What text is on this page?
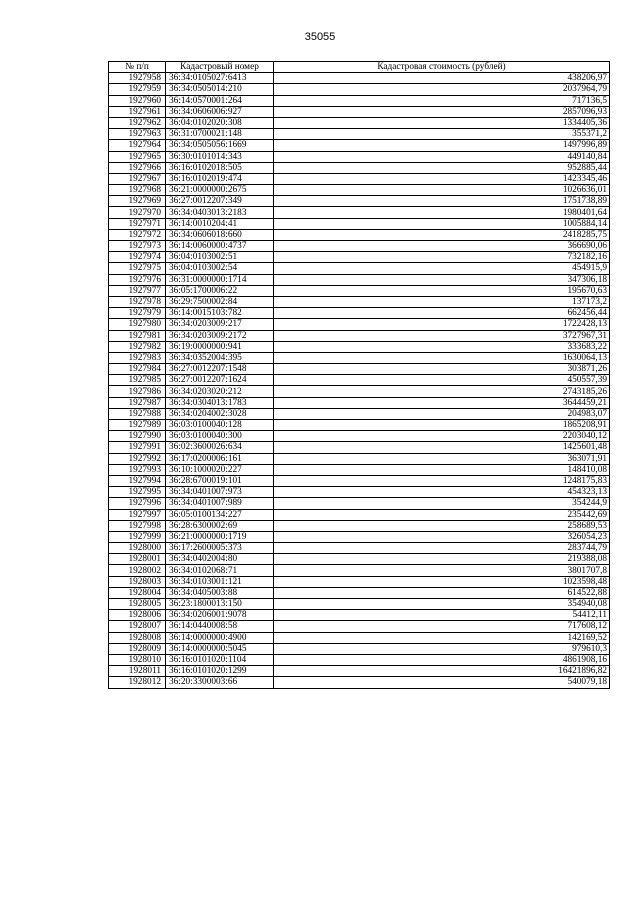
35055
№ п/п	Кадастровый номер	Кадастровая стоимость (рублей)
1927958	36:34:0105027:6413	438206,97
1927959	36:34:0505014:210	2037964,79
1927960	36:14:0570001:264	717136,5
1927961	36:34:0606006:927	2857096,93
1927962	36:04:0102020:308	1334405,36
1927963	36:31:0700021:148	355371,2
1927964	36:34:0505056:1669	1497996,89
1927965	36:30:0101014:343	449140,84
1927966	36:16:0102018:505	952885,44
1927967	36:16:0102019:474	1423345,46
1927968	36:21:0000000:2675	1026636,01
1927969	36:27:0012207:349	1751738,89
1927970	36:34:0403013:2183	1980401,64
1927971	36:14:0010204:41	1005884,14
1927972	36:34:0606018:660	2418285,75
1927973	36:14:0060000:4737	366690,06
1927974	36:04:0103002:51	732182,16
1927975	36:04:0103002:54	454915,9
1927976	36:31:0000000:1714	347306,18
1927977	36:05:1700006:22	195670,63
1927978	36:29:7500002:84	137173,2
1927979	36:14:0015103:782	662456,44
1927980	36:34:0203009:217	1722428,13
1927981	36:34:0203009:2172	3727967,31
1927982	36:19:0000000:941	333683,22
1927983	36:34:0352004:395	1630064,13
1927984	36:27:0012207:1548	303871,26
1927985	36:27:0012207:1624	450557,39
1927986	36:34:0203020:212	2743185,26
1927987	36:34:0304013:1783	3644459,21
1927988	36:34:0204002:3028	204983,07
1927989	36:03:0100040:128	1865208,91
1927990	36:03:0100040:300	2203040,12
1927991	36:02:3600026:634	1425601,48
1927992	36:17:0200006:161	363071,91
1927993	36:10:1000020:227	148410,08
1927994	36:28:6700019:101	1248175,83
1927995	36:34:0401007:973	454323,13
1927996	36:34:0401007:989	354244,9
1927997	36:05:0100134:227	235442,69
1927998	36:28:6300002:69	258689,53
1927999	36:21:0000000:1719	326054,23
1928000	36:17:2600005:373	283744,79
1928001	36:34:0402004:80	219388,08
1928002	36:34:0102068:71	3801707,8
1928003	36:34:0103001:121	1023598,48
1928004	36:34:0405003:88	614522,88
1928005	36:23:1800013:150	354940,08
1928006	36:34:0206001:9078	54412,11
1928007	36:14:0440008:58	717608,12
1928008	36:14:0000000:4900	142169,52
1928009	36:14:0000000:5045	979610,3
1928010	36:16:0101020:1104	4861908,16
1928011	36:16:0101020:1299	16421896,82
1928012	36:20:3300003:66	540079,18
